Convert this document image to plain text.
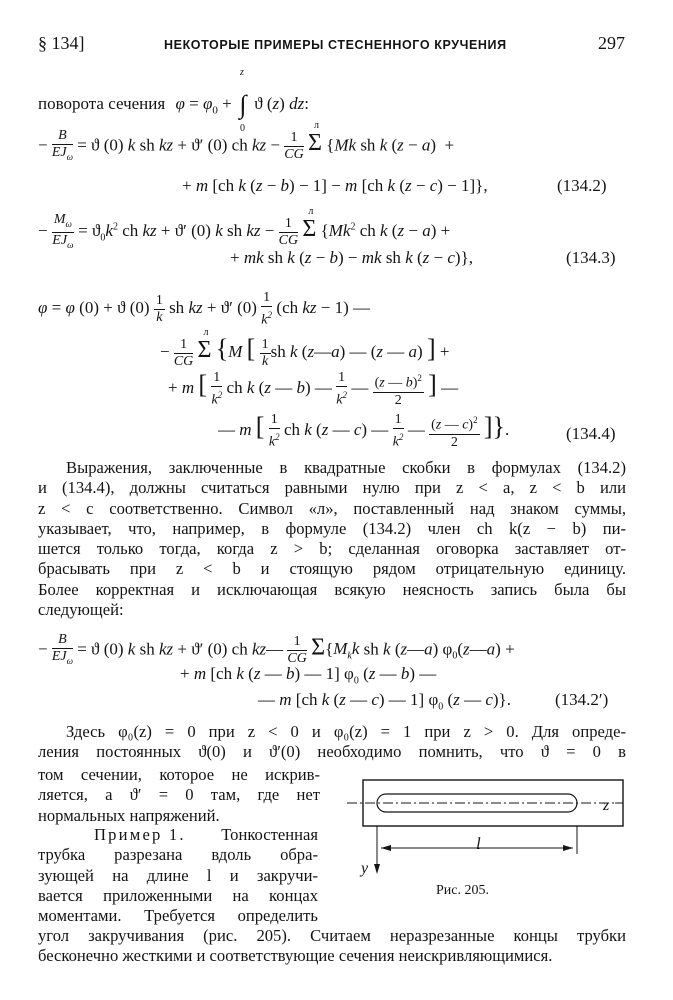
§ 134]	НЕКОТОРЫЕ ПРИМЕРЫ СТЕСНЕННОГО КРУЧЕНИЯ	297
поворота сечения $\varphi = \varphi_0$ +
z
∫
0
ϑ (z) dz:
− B
$EJ_\omega$
= ϑ (0) k sh kz + ϑ′ (0) ch kz − $\frac{1}{CG}$ Σ
л
{Mk sh k (z − a)  +
+ m [ch k (z − b) − 1] − m [ch k (z − c) − 1]},	(134.2)
−
$M_\omega$
$EJ_\omega$
= $ϑ_0k^2$ ch kz + ϑ′ (0) k sh kz − $\frac{1}{CG}$ Σ
л
{Mk$^2$ ch k (z − a) +
+ mk sh k (z − b) − mk sh k (z − c)},	(134.3)
φ = φ (0) + ϑ $(0) \frac{1}{k}$ sh kz + ϑ′ $(0) \frac{1}{k^2} (ch$ kz − 1) —
− $\frac{1}{CG}$ Σ
л
{M [ $\frac{1}{k}$ sh k (z—a) — (z — a) ] +
+ m [ $\frac{1}{k^2}$ ch k (z — b) — $\frac{1}{k^2}$ — $\frac{(z — b)^2}{2}$ ] —
— m [ $\frac{1}{k^2}$ ch k (z — c) — $\frac{1}{k^2}$ — $\frac{(z — c)^2}{2}$ ]}.	(134.4)
Выражения, заключенные в квадратные скобки в формулах (134.2)
и (134.4), должны считаться равными нулю при z < a, z < b или
z < c соответственно. Символ «л», поставленный над знаком суммы,
указывает, что, например, в формуле (134.2) член ch k(z − b) пи-
шется только тогда, когда z > b; сделанная оговорка заставляет от-
брасывать при z < b и стоящую рядом отрицательную единицу.
Более корректная и исключающая всякую неясность запись была бы
следующей:
− B
$EJ_\omega$
= ϑ (0) k sh kz + ϑ′ (0) ch kz— $\frac{1}{CG} \Sigma\{M_kk$ sh k (z—a) $\varphi_0(z—a)$ +
+ m [ch k (z — b) — 1] $\varphi_0$ (z — b) —
— m [ch k (z — c) — 1] $\varphi_0$ (z — c)}.	(134.2′)
Здесь φ₀(z) = 0 при z < 0 и φ₀(z) = 1 при z > 0. Для опреде-
ления постоянных ϑ(0) и ϑ′(0) необходимо помнить, что ϑ = 0 в
том сечении, которое не искрив-
ляется, а ϑ′ = 0 там, где нет
нормальных напряжений.
Пример 1.	Тонкостенная
трубка разрезана вдоль обра-
зующей на длине l и закручи-
вается приложенными на концах
моментами. Требуется определить
угол закручивания (рис. 205). Считаем неразрезанные концы трубки
бесконечно жесткими и соответствующие сечения неискривляющимися.
z
l
y
Рис. 205.
